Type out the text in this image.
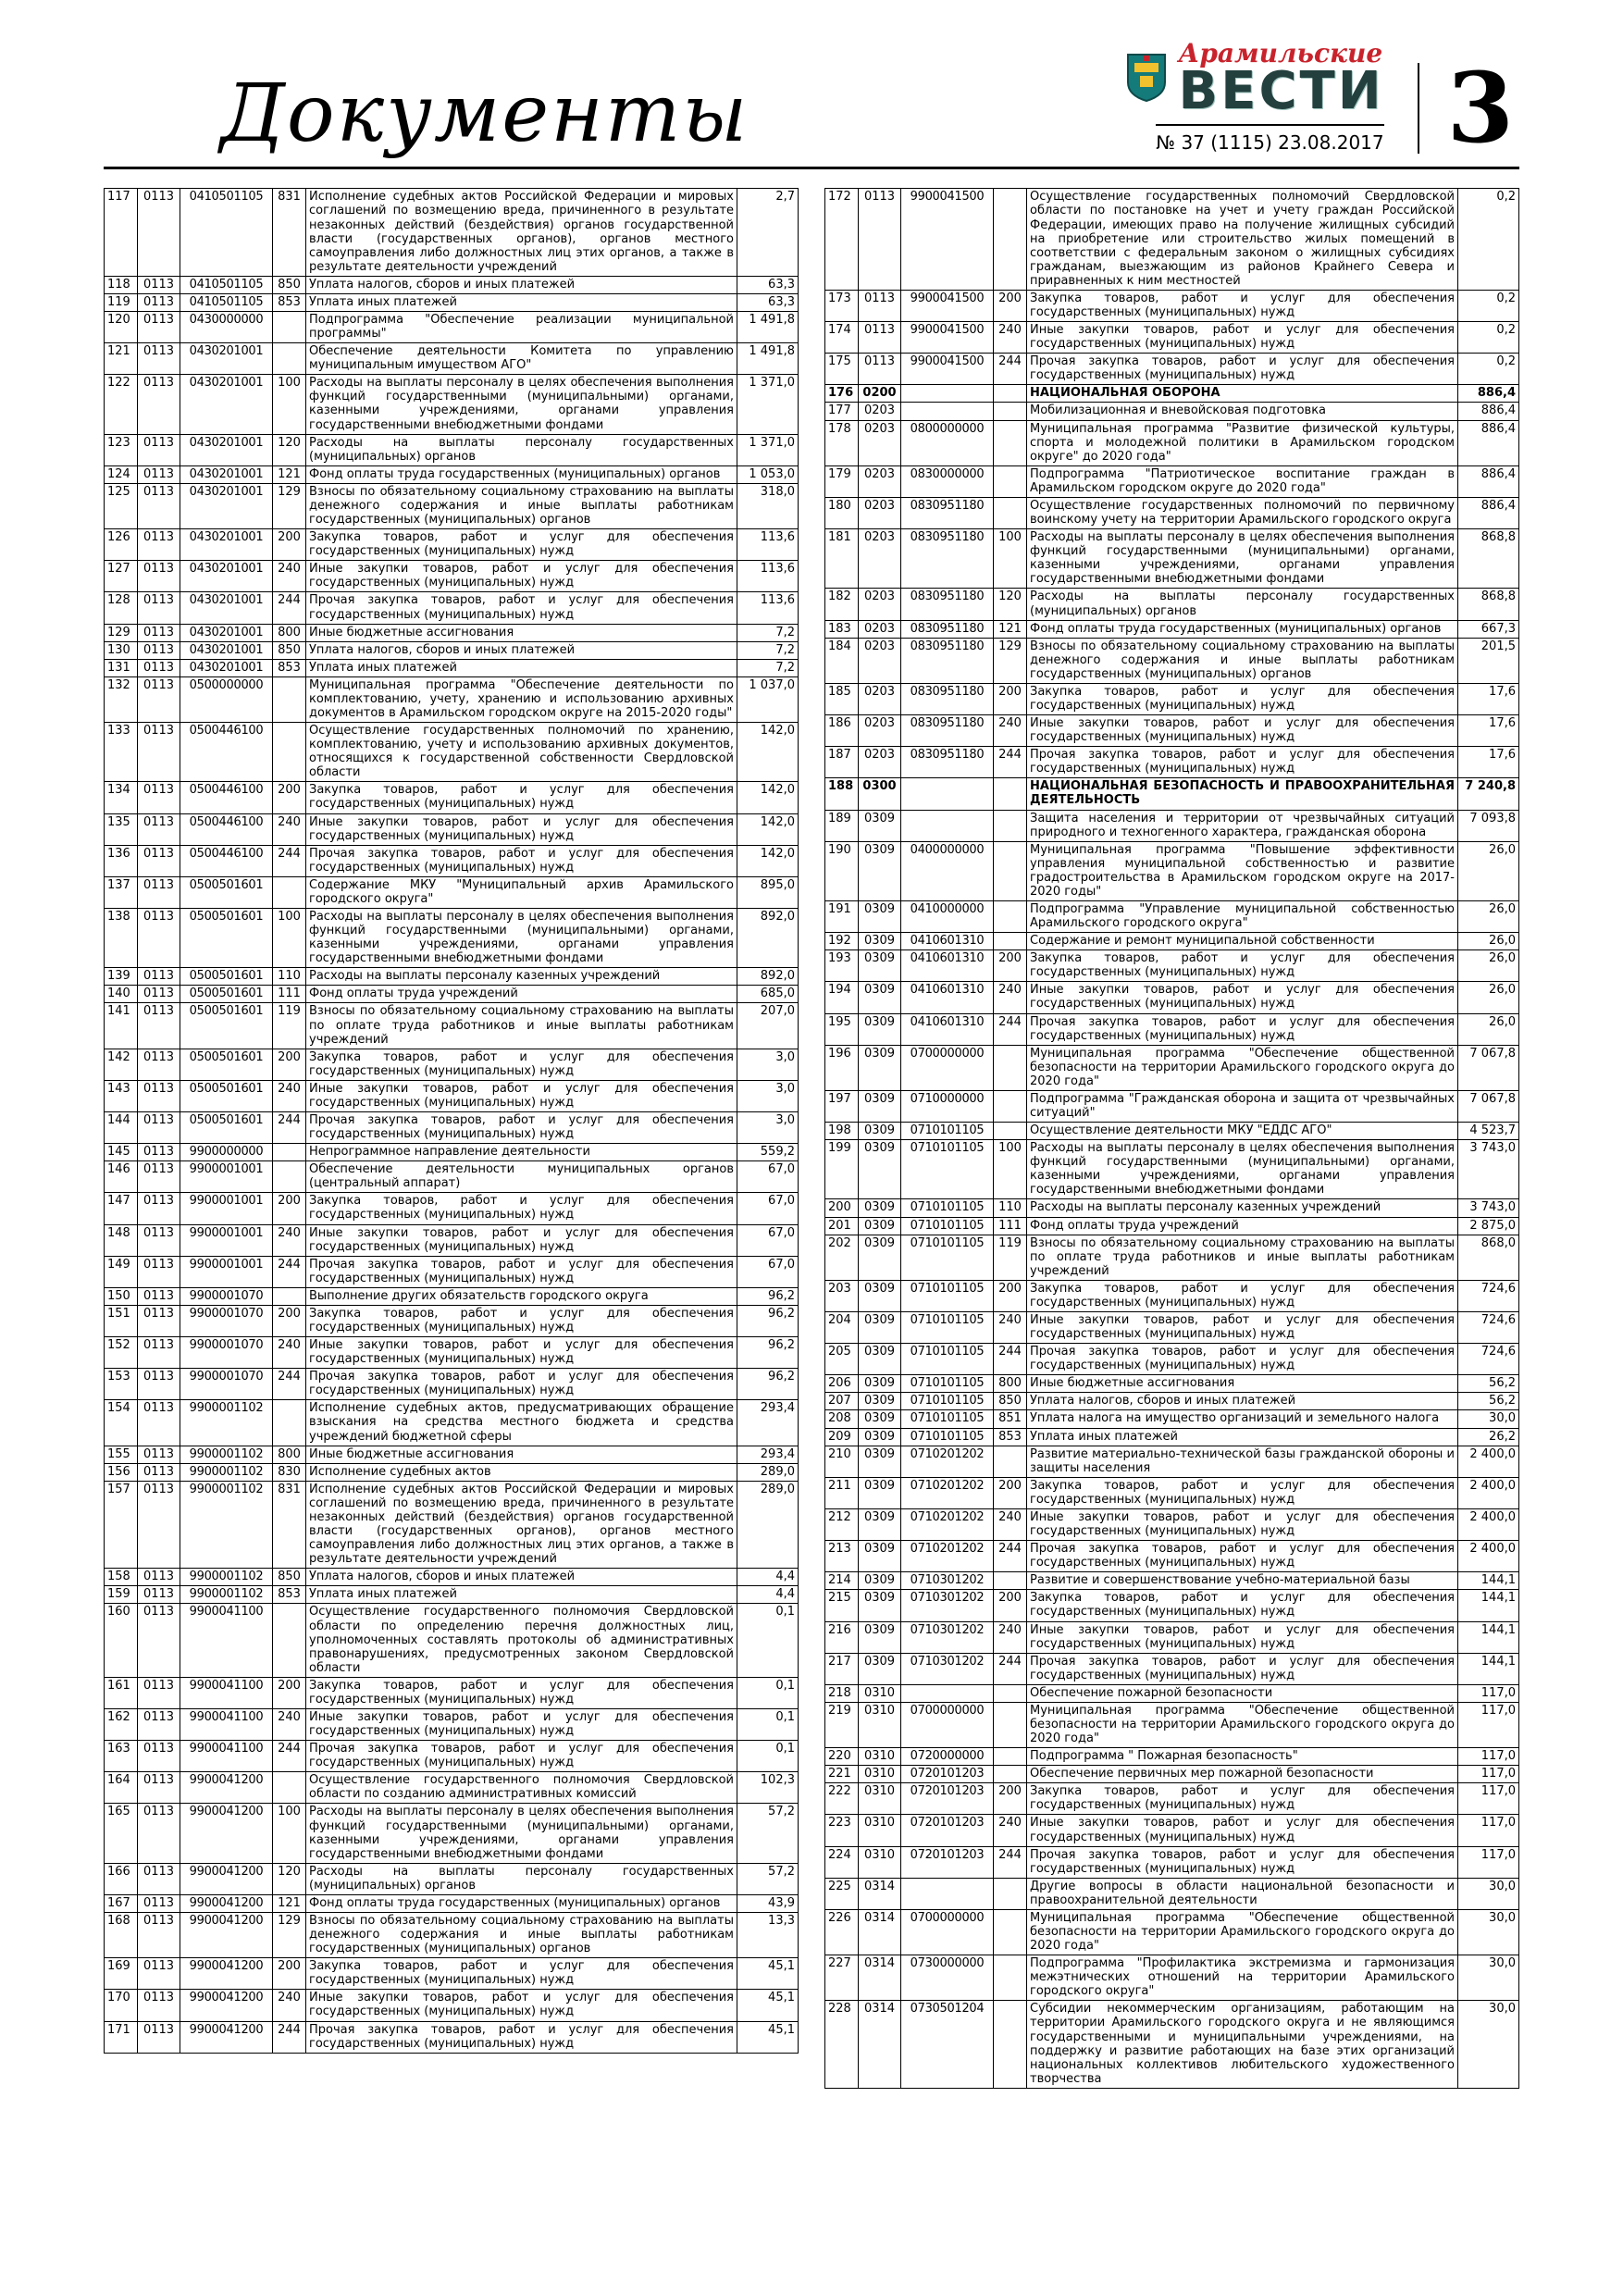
Документы
Арамильские
ВЕСТИ
№ 37 (1115) 23.08.2017 3
117	0113	0410501105	831	Исполнение судебных актов Российской Федерации и мировых соглашений по возмещению вреда, причиненного в результате незаконных действий (бездействия) органов государственной власти (государственных органов), органов местного самоуправления либо должностных лиц этих органов, а также в результате деятельности учреждений	2,7
118	0113	0410501105	850	Уплата налогов, сборов и иных платежей	63,3
119	0113	0410501105	853	Уплата иных платежей	63,3
120	0113	0430000000		Подпрограмма "Обеспечение реализации муниципальной программы"	1 491,8
121	0113	0430201001		Обеспечение деятельности Комитета по управлению муниципальным имуществом АГО"	1 491,8
122	0113	0430201001	100	Расходы на выплаты персоналу в целях обеспечения выполнения функций государственными (муниципальными) органами, казенными учреждениями, органами управления государственными внебюджетными фондами	1 371,0
123	0113	0430201001	120	Расходы на выплаты персоналу государственных (муниципальных) органов	1 371,0
124	0113	0430201001	121	Фонд оплаты труда государственных (муниципальных) органов	1 053,0
125	0113	0430201001	129	Взносы по обязательному социальному страхованию на выплаты денежного содержания и иные выплаты работникам государственных (муниципальных) органов	318,0
126	0113	0430201001	200	Закупка товаров, работ и услуг для обеспечения государственных (муниципальных) нужд	113,6
127	0113	0430201001	240	Иные закупки товаров, работ и услуг для обеспечения государственных (муниципальных) нужд	113,6
128	0113	0430201001	244	Прочая закупка товаров, работ и услуг для обеспечения государственных (муниципальных) нужд	113,6
129	0113	0430201001	800	Иные бюджетные ассигнования	7,2
130	0113	0430201001	850	Уплата налогов, сборов и иных платежей	7,2
131	0113	0430201001	853	Уплата иных платежей	7,2
132	0113	0500000000		Муниципальная программа "Обеспечение деятельности по комплектованию, учету, хранению и использованию архивных документов в Арамильском городском округе на 2015-2020 годы"	1 037,0
133	0113	0500446100		Осуществление государственных полномочий по хранению, комплектованию, учету и использованию архивных документов, относящихся к государственной собственности Свердловской области	142,0
134	0113	0500446100	200	Закупка товаров, работ и услуг для обеспечения государственных (муниципальных) нужд	142,0
135	0113	0500446100	240	Иные закупки товаров, работ и услуг для обеспечения государственных (муниципальных) нужд	142,0
136	0113	0500446100	244	Прочая закупка товаров, работ и услуг для обеспечения государственных (муниципальных) нужд	142,0
137	0113	0500501601		Содержание МКУ "Муниципальный архив Арамильского городского округа"	895,0
138	0113	0500501601	100	Расходы на выплаты персоналу в целях обеспечения выполнения функций государственными (муниципальными) органами, казенными учреждениями, органами управления государственными внебюджетными фондами	892,0
139	0113	0500501601	110	Расходы на выплаты персоналу казенных учреждений	892,0
140	0113	0500501601	111	Фонд оплаты труда учреждений	685,0
141	0113	0500501601	119	Взносы по обязательному социальному страхованию на выплаты по оплате труда работников и иные выплаты работникам учреждений	207,0
142	0113	0500501601	200	Закупка товаров, работ и услуг для обеспечения государственных (муниципальных) нужд	3,0
143	0113	0500501601	240	Иные закупки товаров, работ и услуг для обеспечения государственных (муниципальных) нужд	3,0
144	0113	0500501601	244	Прочая закупка товаров, работ и услуг для обеспечения государственных (муниципальных) нужд	3,0
145	0113	9900000000		Непрограммное направление деятельности	559,2
146	0113	9900001001		Обеспечение деятельности муниципальных органов (центральный аппарат)	67,0
147	0113	9900001001	200	Закупка товаров, работ и услуг для обеспечения государственных (муниципальных) нужд	67,0
148	0113	9900001001	240	Иные закупки товаров, работ и услуг для обеспечения государственных (муниципальных) нужд	67,0
149	0113	9900001001	244	Прочая закупка товаров, работ и услуг для обеспечения государственных (муниципальных) нужд	67,0
150	0113	9900001070		Выполнение других обязательств городского округа	96,2
151	0113	9900001070	200	Закупка товаров, работ и услуг для обеспечения государственных (муниципальных) нужд	96,2
152	0113	9900001070	240	Иные закупки товаров, работ и услуг для обеспечения государственных (муниципальных) нужд	96,2
153	0113	9900001070	244	Прочая закупка товаров, работ и услуг для обеспечения государственных (муниципальных) нужд	96,2
154	0113	9900001102		Исполнение судебных актов, предусматривающих обращение взыскания на средства местного бюджета и средства учреждений бюджетной сферы	293,4
155	0113	9900001102	800	Иные бюджетные ассигнования	293,4
156	0113	9900001102	830	Исполнение судебных актов	289,0
157	0113	9900001102	831	Исполнение судебных актов Российской Федерации и мировых соглашений по возмещению вреда, причиненного в результате незаконных действий (бездействия) органов государственной власти (государственных органов), органов местного самоуправления либо должностных лиц этих органов, а также в результате деятельности учреждений	289,0
158	0113	9900001102	850	Уплата налогов, сборов и иных платежей	4,4
159	0113	9900001102	853	Уплата иных платежей	4,4
160	0113	9900041100		Осуществление государственного полномочия Свердловской области по определению перечня должностных лиц, уполномоченных составлять протоколы об административных правонарушениях, предусмотренных законом Свердловской области	0,1
161	0113	9900041100	200	Закупка товаров, работ и услуг для обеспечения государственных (муниципальных) нужд	0,1
162	0113	9900041100	240	Иные закупки товаров, работ и услуг для обеспечения государственных (муниципальных) нужд	0,1
163	0113	9900041100	244	Прочая закупка товаров, работ и услуг для обеспечения государственных (муниципальных) нужд	0,1
164	0113	9900041200		Осуществление государственного полномочия Свердловской области по созданию административных комиссий	102,3
165	0113	9900041200	100	Расходы на выплаты персоналу в целях обеспечения выполнения функций государственными (муниципальными) органами, казенными учреждениями, органами управления государственными внебюджетными фондами	57,2
166	0113	9900041200	120	Расходы на выплаты персоналу государственных (муниципальных) органов	57,2
167	0113	9900041200	121	Фонд оплаты труда государственных (муниципальных) органов	43,9
168	0113	9900041200	129	Взносы по обязательному социальному страхованию на выплаты денежного содержания и иные выплаты работникам государственных (муниципальных) органов	13,3
169	0113	9900041200	200	Закупка товаров, работ и услуг для обеспечения государственных (муниципальных) нужд	45,1
170	0113	9900041200	240	Иные закупки товаров, работ и услуг для обеспечения государственных (муниципальных) нужд	45,1
171	0113	9900041200	244	Прочая закупка товаров, работ и услуг для обеспечения государственных (муниципальных) нужд	45,1
172	0113	9900041500		Осуществление государственных полномочий Свердловской области по постановке на учет и учету граждан Российской Федерации, имеющих право на получение жилищных субсидий на приобретение или строительство жилых помещений в соответствии с федеральным законом о жилищных субсидиях гражданам, выезжающим из районов Крайнего Севера и приравненных к ним местностей	0,2
173	0113	9900041500	200	Закупка товаров, работ и услуг для обеспечения государственных (муниципальных) нужд	0,2
174	0113	9900041500	240	Иные закупки товаров, работ и услуг для обеспечения государственных (муниципальных) нужд	0,2
175	0113	9900041500	244	Прочая закупка товаров, работ и услуг для обеспечения государственных (муниципальных) нужд	0,2
176	0200			НАЦИОНАЛЬНАЯ ОБОРОНА	886,4
177	0203			Мобилизационная и вневойсковая подготовка	886,4
178	0203	0800000000		Муниципальная программа "Развитие физической культуры, спорта и молодежной политики в Арамильском городском округе" до 2020 года"	886,4
179	0203	0830000000		Подпрограмма "Патриотическое воспитание граждан в Арамильском городском округе до 2020 года"	886,4
180	0203	0830951180		Осуществление государственных полномочий по первичному воинскому учету на территории Арамильского городского округа	886,4
181	0203	0830951180	100	Расходы на выплаты персоналу в целях обеспечения выполнения функций государственными (муниципальными) органами, казенными учреждениями, органами управления государственными внебюджетными фондами	868,8
182	0203	0830951180	120	Расходы на выплаты персоналу государственных (муниципальных) органов	868,8
183	0203	0830951180	121	Фонд оплаты труда государственных (муниципальных) органов	667,3
184	0203	0830951180	129	Взносы по обязательному социальному страхованию на выплаты денежного содержания и иные выплаты работникам государственных (муниципальных) органов	201,5
185	0203	0830951180	200	Закупка товаров, работ и услуг для обеспечения государственных (муниципальных) нужд	17,6
186	0203	0830951180	240	Иные закупки товаров, работ и услуг для обеспечения государственных (муниципальных) нужд	17,6
187	0203	0830951180	244	Прочая закупка товаров, работ и услуг для обеспечения государственных (муниципальных) нужд	17,6
188	0300			НАЦИОНАЛЬНАЯ БЕЗОПАСНОСТЬ И ПРАВООХРАНИТЕЛЬНАЯ ДЕЯТЕЛЬНОСТЬ	7 240,8
189	0309			Защита населения и территории от чрезвычайных ситуаций природного и техногенного характера, гражданская оборона	7 093,8
190	0309	0400000000		Муниципальная программа "Повышение эффективности управления муниципальной собственностью и развитие градостроительства в Арамильском городском округе на 2017-2020 годы"	26,0
191	0309	0410000000		Подпрограмма "Управление муниципальной собственностью Арамильского городского округа"	26,0
192	0309	0410601310		Содержание и ремонт муниципальной собственности	26,0
193	0309	0410601310	200	Закупка товаров, работ и услуг для обеспечения государственных (муниципальных) нужд	26,0
194	0309	0410601310	240	Иные закупки товаров, работ и услуг для обеспечения государственных (муниципальных) нужд	26,0
195	0309	0410601310	244	Прочая закупка товаров, работ и услуг для обеспечения государственных (муниципальных) нужд	26,0
196	0309	0700000000		Муниципальная программа "Обеспечение общественной безопасности на территории Арамильского городского округа до 2020 года"	7 067,8
197	0309	0710000000		Подпрограмма "Гражданская оборона и защита от чрезвычайных ситуаций"	7 067,8
198	0309	0710101105		Осуществление деятельности МКУ "ЕДДС АГО"	4 523,7
199	0309	0710101105	100	Расходы на выплаты персоналу в целях обеспечения выполнения функций государственными (муниципальными) органами, казенными учреждениями, органами управления государственными внебюджетными фондами	3 743,0
200	0309	0710101105	110	Расходы на выплаты персоналу казенных учреждений	3 743,0
201	0309	0710101105	111	Фонд оплаты труда учреждений	2 875,0
202	0309	0710101105	119	Взносы по обязательному социальному страхованию на выплаты по оплате труда работников и иные выплаты работникам учреждений	868,0
203	0309	0710101105	200	Закупка товаров, работ и услуг для обеспечения государственных (муниципальных) нужд	724,6
204	0309	0710101105	240	Иные закупки товаров, работ и услуг для обеспечения государственных (муниципальных) нужд	724,6
205	0309	0710101105	244	Прочая закупка товаров, работ и услуг для обеспечения государственных (муниципальных) нужд	724,6
206	0309	0710101105	800	Иные бюджетные ассигнования	56,2
207	0309	0710101105	850	Уплата налогов, сборов и иных платежей	56,2
208	0309	0710101105	851	Уплата налога на имущество организаций и земельного налога	30,0
209	0309	0710101105	853	Уплата иных платежей	26,2
210	0309	0710201202		Развитие материально-технической базы гражданской обороны и защиты населения	2 400,0
211	0309	0710201202	200	Закупка товаров, работ и услуг для обеспечения государственных (муниципальных) нужд	2 400,0
212	0309	0710201202	240	Иные закупки товаров, работ и услуг для обеспечения государственных (муниципальных) нужд	2 400,0
213	0309	0710201202	244	Прочая закупка товаров, работ и услуг для обеспечения государственных (муниципальных) нужд	2 400,0
214	0309	0710301202		Развитие и совершенствование учебно-материальной базы	144,1
215	0309	0710301202	200	Закупка товаров, работ и услуг для обеспечения государственных (муниципальных) нужд	144,1
216	0309	0710301202	240	Иные закупки товаров, работ и услуг для обеспечения государственных (муниципальных) нужд	144,1
217	0309	0710301202	244	Прочая закупка товаров, работ и услуг для обеспечения государственных (муниципальных) нужд	144,1
218	0310			Обеспечение пожарной безопасности	117,0
219	0310	0700000000		Муниципальная программа "Обеспечение общественной безопасности на территории Арамильского городского округа до 2020 года"	117,0
220	0310	0720000000		Подпрограмма " Пожарная безопасность"	117,0
221	0310	0720101203		Обеспечение первичных мер пожарной безопасности	117,0
222	0310	0720101203	200	Закупка товаров, работ и услуг для обеспечения государственных (муниципальных) нужд	117,0
223	0310	0720101203	240	Иные закупки товаров, работ и услуг для обеспечения государственных (муниципальных) нужд	117,0
224	0310	0720101203	244	Прочая закупка товаров, работ и услуг для обеспечения государственных (муниципальных) нужд	117,0
225	0314			Другие вопросы в области национальной безопасности и правоохранительной деятельности	30,0
226	0314	0700000000		Муниципальная программа "Обеспечение общественной безопасности на территории Арамильского городского округа до 2020 года"	30,0
227	0314	0730000000		Подпрограмма "Профилактика экстремизма и гармонизация межэтнических отношений на территории Арамильского городского округа"	30,0
228	0314	0730501204		Субсидии некоммерческим организациям, работающим на территории Арамильского городского округа и не являющимся государственными и муниципальными учреждениями, на поддержку и развитие работающих на базе этих организаций национальных коллективов любительского художественного творчества	30,0
